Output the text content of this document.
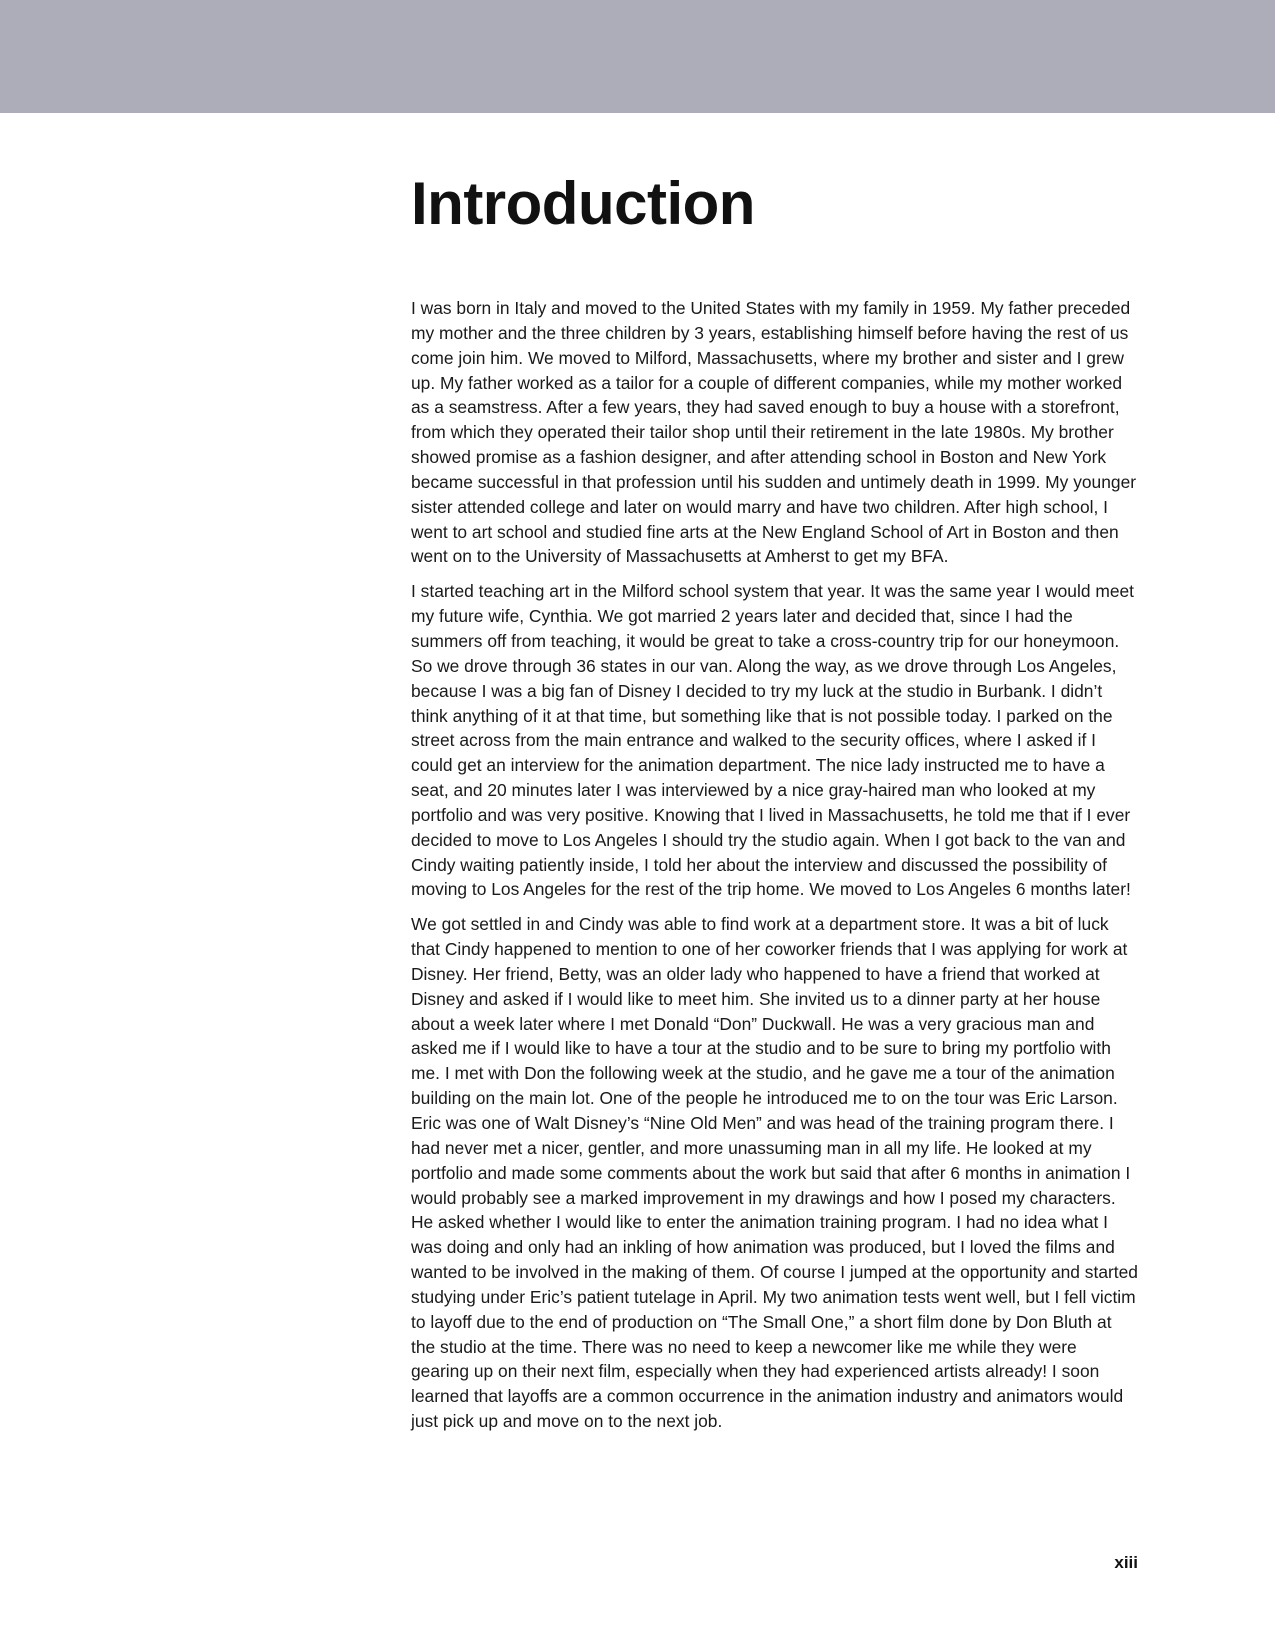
Introduction

I was born in Italy and moved to the United States with my family in 1959. My father preceded my mother and the three children by 3 years, establishing himself before having the rest of us come join him. We moved to Milford, Massachusetts, where my brother and sister and I grew up. My father worked as a tailor for a couple of different companies, while my mother worked as a seamstress. After a few years, they had saved enough to buy a house with a storefront, from which they operated their tailor shop until their retirement in the late 1980s. My brother showed promise as a fashion designer, and after attending school in Boston and New York became successful in that profession until his sudden and untimely death in 1999. My younger sister attended college and later on would marry and have two children. After high school, I went to art school and studied fine arts at the New England School of Art in Boston and then went on to the University of Massachusetts at Amherst to get my BFA.

I started teaching art in the Milford school system that year. It was the same year I would meet my future wife, Cynthia. We got married 2 years later and decided that, since I had the summers off from teaching, it would be great to take a cross-country trip for our honeymoon. So we drove through 36 states in our van. Along the way, as we drove through Los Angeles, because I was a big fan of Disney I decided to try my luck at the studio in Burbank. I didn’t think anything of it at that time, but something like that is not possible today. I parked on the street across from the main entrance and walked to the security offices, where I asked if I could get an interview for the animation department. The nice lady instructed me to have a seat, and 20 minutes later I was interviewed by a nice gray-haired man who looked at my portfolio and was very positive. Knowing that I lived in Massachusetts, he told me that if I ever decided to move to Los Angeles I should try the studio again. When I got back to the van and Cindy waiting patiently inside, I told her about the interview and discussed the possibility of moving to Los Angeles for the rest of the trip home. We moved to Los Angeles 6 months later!

We got settled in and Cindy was able to find work at a department store. It was a bit of luck that Cindy happened to mention to one of her coworker friends that I was applying for work at Disney. Her friend, Betty, was an older lady who happened to have a friend that worked at Disney and asked if I would like to meet him. She invited us to a dinner party at her house about a week later where I met Donald “Don” Duckwall. He was a very gracious man and asked me if I would like to have a tour at the studio and to be sure to bring my portfolio with me. I met with Don the following week at the studio, and he gave me a tour of the animation building on the main lot. One of the people he introduced me to on the tour was Eric Larson. Eric was one of Walt Disney’s “Nine Old Men” and was head of the training program there. I had never met a nicer, gentler, and more unassuming man in all my life. He looked at my portfolio and made some comments about the work but said that after 6 months in animation I would probably see a marked improvement in my drawings and how I posed my characters. He asked whether I would like to enter the animation training program. I had no idea what I was doing and only had an inkling of how animation was produced, but I loved the films and wanted to be involved in the making of them. Of course I jumped at the opportunity and started studying under Eric’s patient tutelage in April. My two animation tests went well, but I fell victim to layoff due to the end of production on “The Small One,” a short film done by Don Bluth at the studio at the time. There was no need to keep a newcomer like me while they were gearing up on their next film, especially when they had experienced artists already! I soon learned that layoffs are a common occurrence in the animation industry and animators would just pick up and move on to the next job.

xiii
